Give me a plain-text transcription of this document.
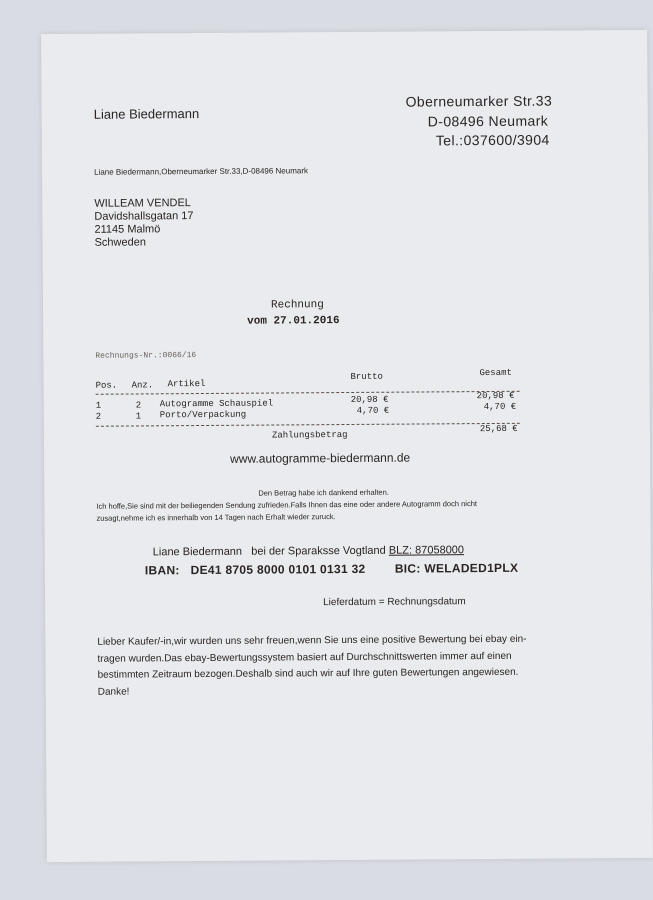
Liane Biedermann
Oberneumarker Str.33
D-08496 Neumark
Tel.:037600/3904
Liane Biedermann,Oberneumarker Str.33,D-08496 Neumark
WILLEAM VENDEL
Davidshallsgatan 17
21145 Malmö
Schweden
Rechnung
vom 27.01.2016
Rechnungs-Nr.:0066/16
Brutto	Gesamt
Pos. Anz. Artikel
1	2 Autogramme Schauspiel	20,98 €	20,98 €
2	1 Porto/Verpackung	4,70 €	4,70 €
Zahlungsbetrag
25,68 €
www.autogramme-biedermann.de
Den Betrag habe ich dankend erhalten.
Ich hoffe,Sie sind mit der beiliegenden Sendung zufrieden.Falls Ihnen das eine oder andere Autogramm doch nicht
zusagt,nehme ich es innerhalb von 14 Tagen nach Erhalt wieder zuruck.
Liane Biedermann   bei der Sparaksse Vogtland BLZ: 87058000
IBAN:   DE41 8705 8000 0101 0131 32 BIC: WELADED1PLX
Lieferdatum = Rechnungsdatum
Lieber Kaufer/-in,wir wurden uns sehr freuen,wenn Sie uns eine positive Bewertung bei ebay ein-
tragen wurden.Das ebay-Bewertungssystem basiert auf Durchschnittswerten immer auf einen
bestimmten Zeitraum bezogen.Deshalb sind auch wir auf Ihre guten Bewertungen angewiesen.
Danke!
